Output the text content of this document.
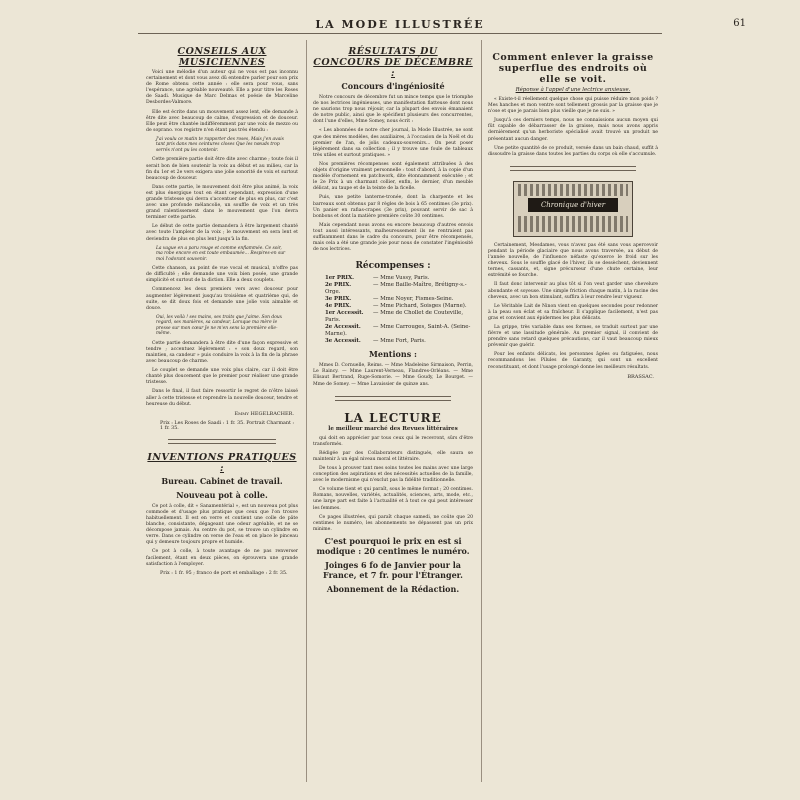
LA MODE ILLUSTRÉE	61
CONSEILS AUX MUSICIENNES

Voici une mélodie d'un auteur qui ne vous est pas inconnu certainement et dont vous avez dû entendre parler pour son prix de Rome obtenu cette année : elle sera pour vous, sans l'espérance, une agréable nouveauté. Elle a pour titre les Roses de Saadi. Musique de Marc Delmas et poésie de Marceline Desbordes-Valmore.

Elle est écrite dans un mouvement assez lent, elle demande à être dite avec beaucoup de calme, d'expression et de douceur. Elle peut être chantée indifféremment par une voix de mezzo ou de soprano. vos registre n'en étant pas très étendu :

J'ai voulu ce matin te rapporter des roses, Mais j'en avais tant pris dans mes ceintures closes Que les nœuds trop serrés n'ont pu les contenir.

Cette première partie doit être dite avec charme ; toute fois il serait bon de bien soutenir la voix au début et au milieu, car la fin du 1er et 2e vers exigera une jolie sonorité de voix et surtout beaucoup de douceur.

Dans cette partie, le mouvement doit être plus animé, la voix est plus énergique tout en étant cependant, expression d'une grande tristesse qui devra s'accentuer de plus en plus, car c'est avec une profonde mélancolie, un souffle de voix et un très grand ralentissement dans le mouvement que l'on devra terminer cette partie.

Le début de cette partie demandera à être largement chanté avec toute l'ampleur de la voix ; le mouvement en sera lent et deviendra de plus en plus lent jusqu'à la fin.

La vague en a paru rouge et comme enflammée. Ce soir, ma robe encore en est toute embaumée… Respires-en sur moi l'odorant souvenir.

Cette chanson, au point de vue vocal et musical, n'offre pas de difficulté ; elle demande une voix bien posée, une grande simplicité et surtout de la diction. Elle a deux couplets.

Commencez les deux premiers vers avec douceur pour augmenter légèrement jusqu'au troisième et quatrième qui, de suite, se dit doux fois et demande une jolie voix aimable et douce.

Oui, les voilà ! ses mains, ses traits que j'aime. Son doux regard, ses manières, sa candeur, Lorsque ma mère le presse sur mon cœur Je ne m'en sens la première elle-même.

Cette partie demandera à être dite d'une façon expressive et tendre ; accentuez légèrement : « son doux regard, son maintien, sa candeur » puis conduire la voix à la fin de la phrase avec beaucoup de charme.

Le couplet se demande une voix plus claire, car il doit être chanté plus doucement que le premier pour réaliser une grande tristesse.

Dans le final, il faut faire ressortir le regret de n'être laissé aller à cette tristesse et reprendre la nouvelle douceur, tendre et heureuse du début.

Emmy HEGELBACHER.
Prix : Les Roses de Saadi : 1 fr. 35. Portrait Charmant : 1 fr. 35.
INVENTIONS PRATIQUES :
Bureau. Cabinet de travail.
Nouveau pot à colle.

Ce pot à colle, dit « Sanamentérial », est un nouveau pot plus commode et d'usage plus pratique que ceux que l'on trouve habituellement. Il est en verre et contient une colle de pâte blanche, consistante, dégageant une odeur agréable, et ne se décompose jamais. Au centre du pot, se trouve un cylindre en verre. Dans ce cylindre on verse de l'eau et on place le pinceau qui y demeure toujours propre et humide.

Ce pot à colle, à toute avantage de ne pas renverser facilement, étant en deux pièces, on éprouvera une grande satisfaction à l'employer.

Prix : 1 fr. 95 ; franco de port et emballage : 2 fr. 35.
RÉSULTATS DU CONCOURS DE DÉCEMBRE :
Concours d'ingéniosité

Notre concours de décembre fut un mince temps que le triomphe de nos lectrices ingénieuses, une manifestation flatteuse dont nous ne saurions trop nous réjouir, car la plupart des envois émanaient de notre public, ainsi que le spécifient plusieurs des concurrentes, dont l'une d'elles, Mme Somey, nous écrit :

« Les abonnées de notre cher journal, la Mode Illustrée, ne sont que des mères modèles, des auxiliaires, à l'occasion de la Noël et du premier de l'an, de jolis cadeaux-souvenirs… On peut poser légèrement dans sa collection ; il y trouve une foule de tableaux très utiles et surtout pratiques. »

Nos premières récompenses sont également attribuées à des objets d'origine vraiment personnelle : tout d'abord, à la copie d'un modèle d'ornement en patchwork, dite étonnamment exécutée ; et le 2e Prix à un charmant collier, enfin, le dernier, d'un meuble délicat, au taupe et de la teinte de la ficelle.

Puis, une petite lanterne-tronée, dont la charpente et les barreaux sont obtenus par 8 règles de bois à 65 centimes (3e prix). Un panier en rafias-crapes (3e prix), pouvant servir de sac à bonbons et dont la matière première coûte 30 centimes.

Mais cependant nous avons eu encore beaucoup d'autres envois tout aussi intéressants, malheureusement ils ne rentraient pas suffisamment dans le cadre du concours, pour être récompensés, mais cela a été une grande joie pour nous de constater l'ingéniosité de nos lectrices.

Récompenses :
1er PRIX.	— Mme Vussy, Paris.
2e PRIX.	— Mme Baille-Maître, Brétigny-s.-Orge.
3e PRIX.	— Mme Noyer, Fismes-Seine.
4e PRIX.	— Mme Pichard, Soisges (Marne).
1er Accessit. — Mme de Chollet de Couteville, Paris.
2e Accessit. — Mme Carrouges, Saint-A. (Seine-Marne).
3e Accessit. — Mme Fort, Paris.
Mentions :

Mmes D. Cornuelle, Reims. — Mme Madeleine Sirmaison, Perrin, Le Raincy. — Mme Laurent-Verneau, Flandres-Orléans. — Mme Elisaut Bertrand, Ruge-Somorie. — Mme Goudy, Le Bourget. — Mme de Somey. — Mme Lavaissier de quinze ans.

LA LECTURE
le meilleur marché des Revues littéraires

qui doit en apprécier par tous ceux qui le recevront, sûrs d'être transformés.

Rédigée par des Collaborateurs distingués, elle saura se maintenir à un égal niveau moral et littéraire.

De tous à prouver tant mes soins toutes les mains avec une large conception des aspirations et des nécessités actuelles de la famille, avec le modernisme qui n'exclut pas la fidélité traditionnelle.

Ce volume tient et qui paraît, sous le même format ; 20 centimes. Romans, nouvelles, variétés, actualités, sciences, arts, mode, etc., une large part est faite à l'actualité et à tout ce qui peut intéresser les femmes.

Ce pages illustrées, qui paraît chaque samedi, ne coûte que 20 centimes le numéro, les abonnements ne dépassent pas un prix minime.

C'est pourquoi le prix en est si modique : 20 centimes le numéro.
Joinges 6 fo de Janvier pour la France, et 7 fr. pour l'Étranger.
Abonnement de la Rédaction.
Comment enlever la graisse superflue des endroits où elle se voit.
Réponse à l'appel d'une lectrice anxieuse.

« Existe-t-il réellement quelque chose qui puisse réduire mon poids ? Mes hanches et mon ventre sont tellement grossis par la graisse que je n'ose et que je parais bien plus vieille que je ne suis. »

Jusqu'à ces derniers temps, nous ne connaissions aucun moyen qui fût capable de débarrasser de la graisse, mais nous avons appris dernièrement qu'un herboriste spécialisé avait trouvé un produit ne présentant aucun danger.

Une petite quantité de ce produit, versée dans un bain chaud, suffit à dissoudre la graisse dans toutes les parties du corps où elle s'accumule.

Chronique d'hiver

Certainement, Mesdames, vous n'avez pas été sans vous apercevoir pendant la période glaciaire que nous avons traversée, au début de l'année nouvelle, de l'influence néfaste qu'exerce le froid sur les cheveux. Sous le souffle glacé de l'hiver, ils se dessèchent, deviennent ternes, cassants, et, signe précurseur d'une chute certaine, leur extrémité se fourche.

Il faut donc intervenir au plus tôt si l'on veut garder une chevelure abondante et soyeuse. Une simple friction chaque matin, à la racine des cheveux, avec un bon stimulant, suffira à leur rendre leur vigueur.

Le Véritable Lait de Ninon vient en quelques secondes pour redonner à la peau son éclat et sa fraîcheur. Il s'applique facilement, n'est pas gras et convient aux épidermes les plus délicats.

La grippe, très variable dans ses formes, se traduit surtout par une fièvre et une lassitude générale. Au premier signal, il convient de prendre sans retard quelques précautions, car il vaut beaucoup mieux prévenir que guérir.

Pour les enfants délicats, les personnes âgées ou fatiguées, nous recommandons les Pilules de Garanty, qui sont un excellent reconstituant, et dont l'usage prolongé donne les meilleurs résultats.

BRASSAC.
